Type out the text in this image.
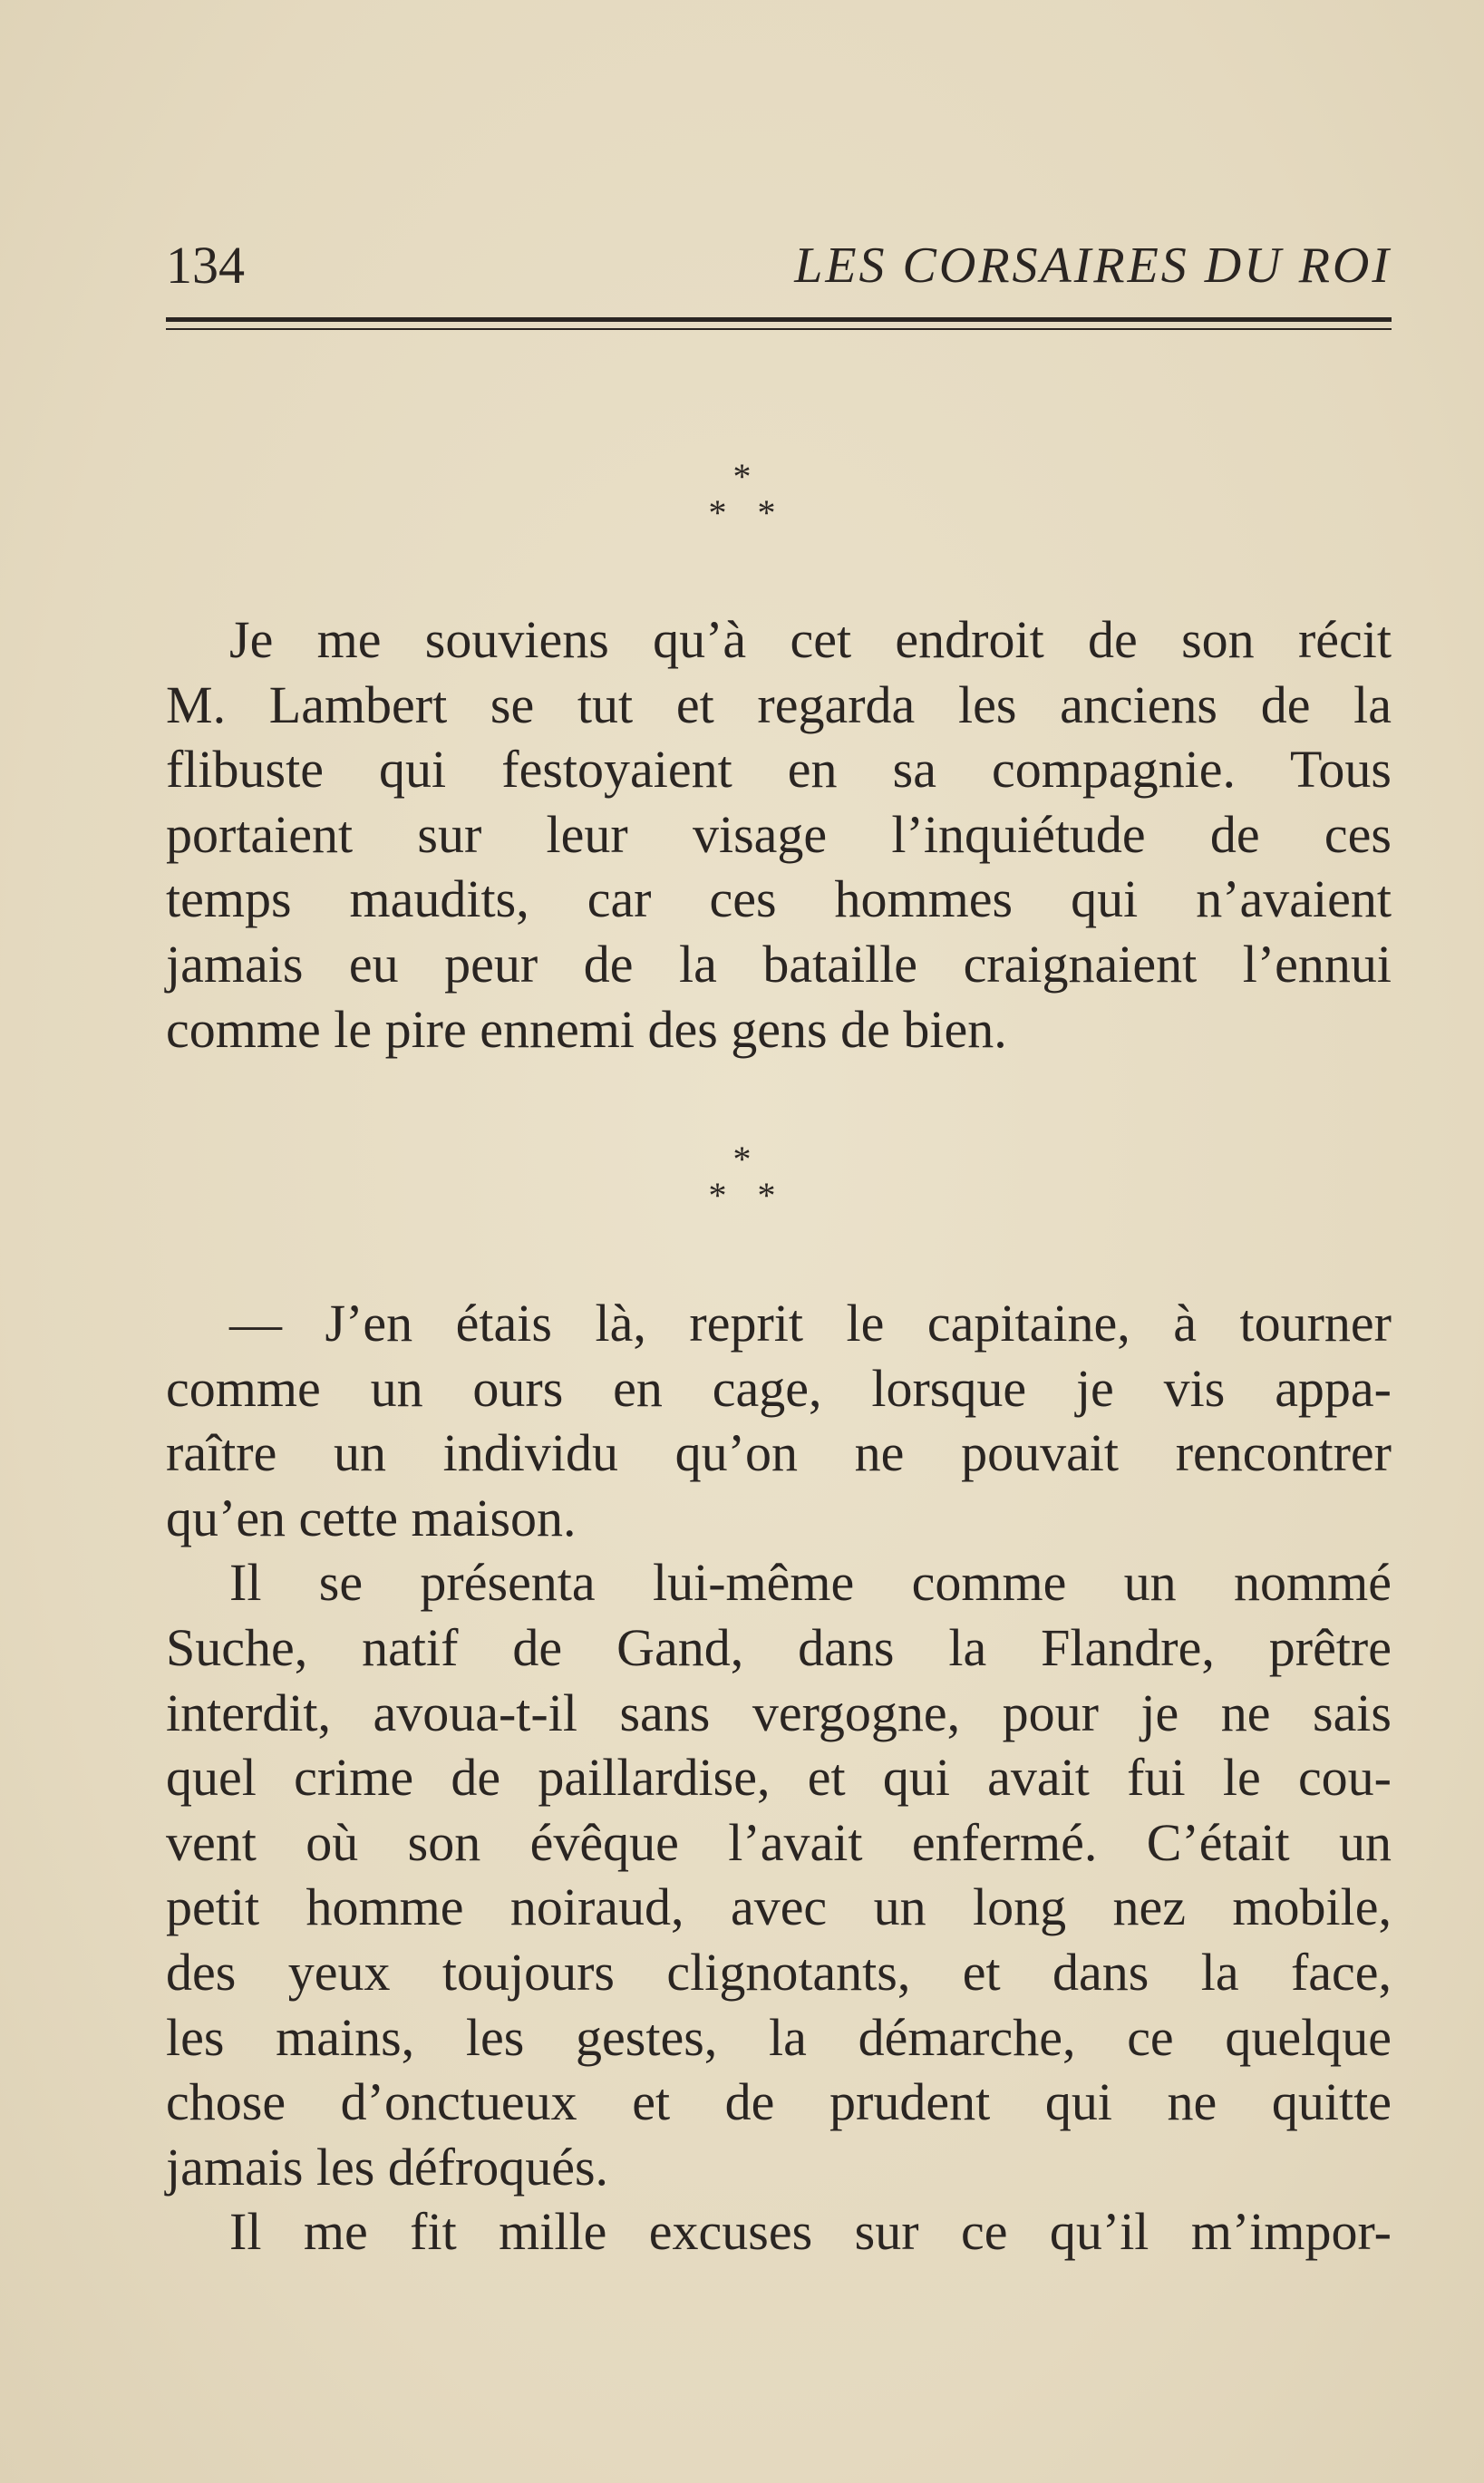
134	LES CORSAIRES DU ROI
*
**
Je me souviens qu’à cet endroit de son récit
M. Lambert se tut et regarda les anciens de la
flibuste qui festoyaient en sa compagnie. Tous
portaient sur leur visage l’inquiétude de ces
temps maudits, car ces hommes qui n’avaient
jamais eu peur de la bataille craignaient l’ennui
comme le pire ennemi des gens de bien.
*
**
— J’en étais là, reprit le capitaine, à tourner
comme un ours en cage, lorsque je vis appa-
raître un individu qu’on ne pouvait rencontrer
qu’en cette maison.
Il se présenta lui-même comme un nommé
Suche, natif de Gand, dans la Flandre, prêtre
interdit, avoua-t-il sans vergogne, pour je ne sais
quel crime de paillardise, et qui avait fui le cou-
vent où son évêque l’avait enfermé. C’était un
petit homme noiraud, avec un long nez mobile,
des yeux toujours clignotants, et dans la face,
les mains, les gestes, la démarche, ce quelque
chose d’onctueux et de prudent qui ne quitte
jamais les défroqués.
Il me fit mille excuses sur ce qu’il m’impor-
